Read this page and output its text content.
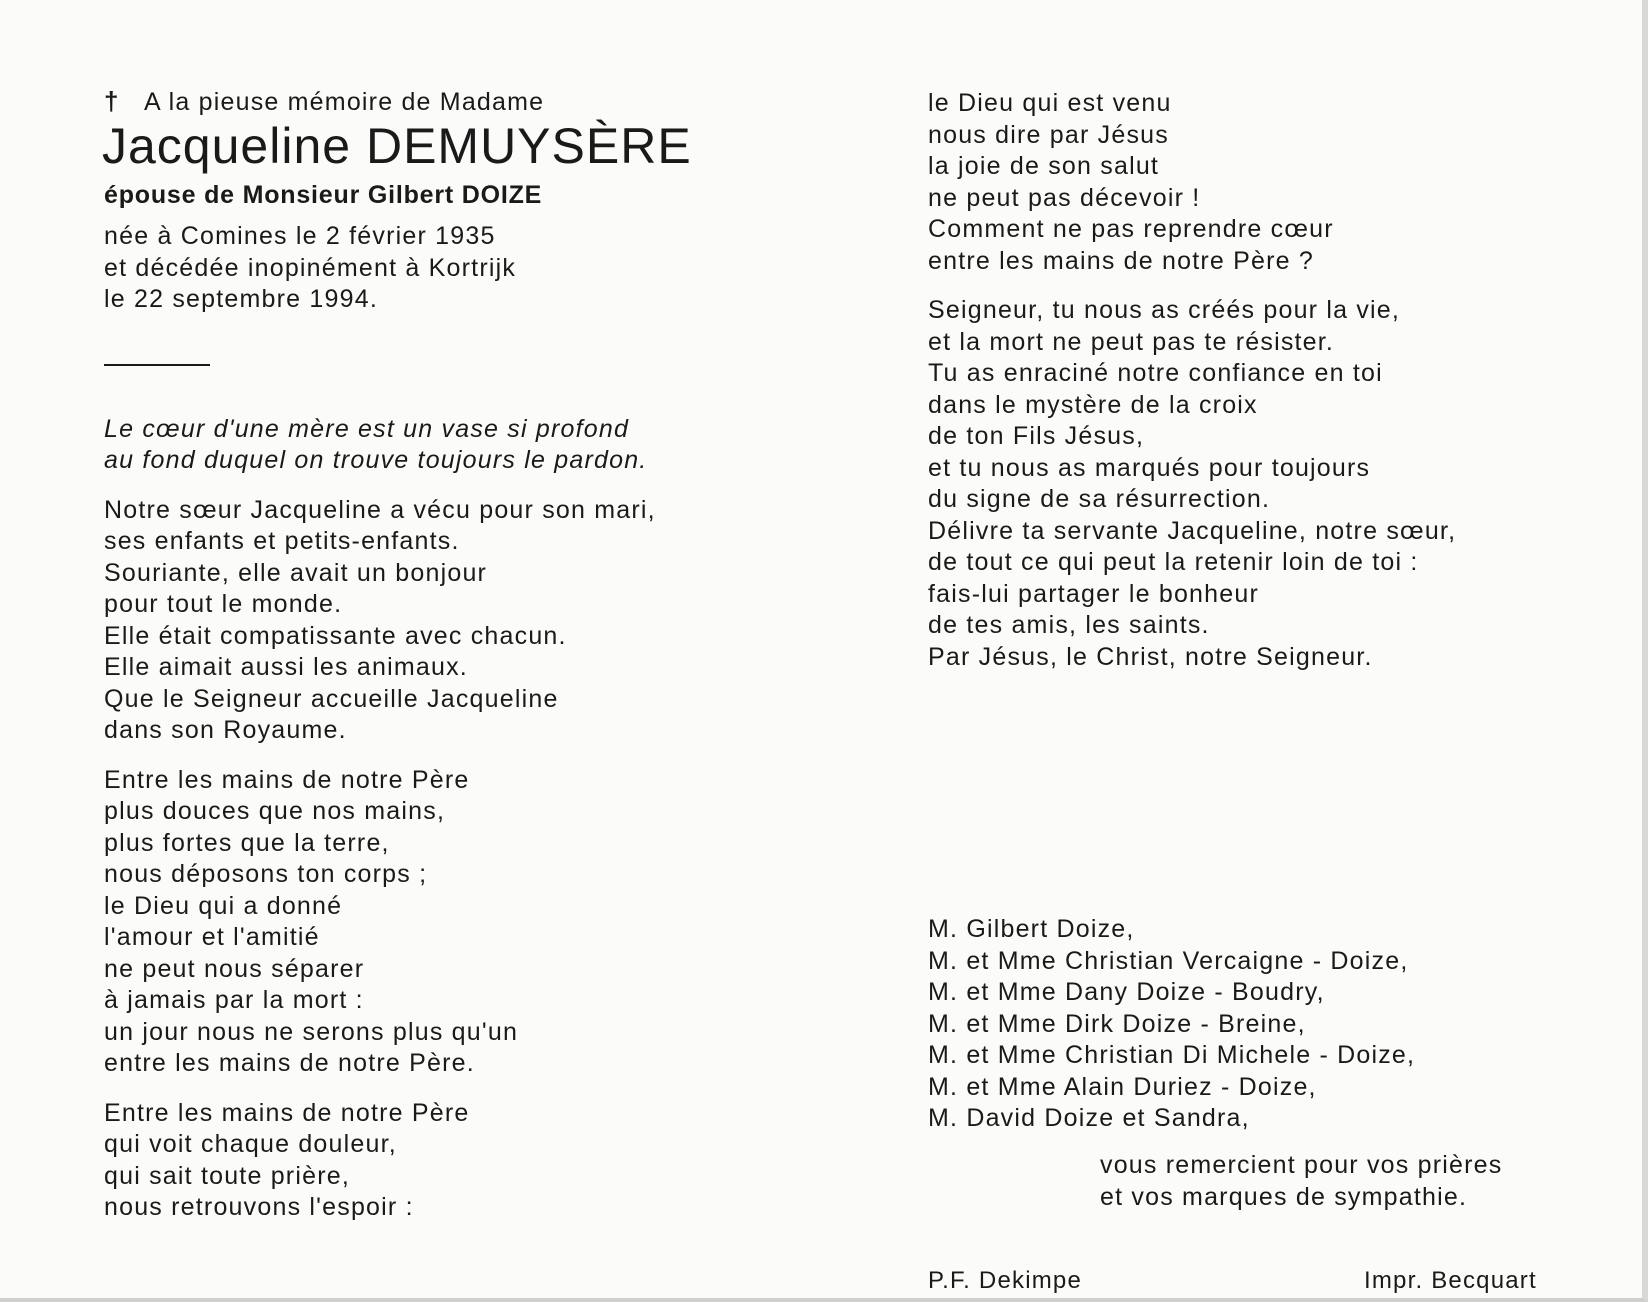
† A la pieuse mémoire de Madame
Jacqueline DEMUYSÈRE
épouse de Monsieur Gilbert DOIZE
née à Comines le 2 février 1935
et décédée inopinément à Kortrijk
le 22 septembre 1994.
Le cœur d'une mère est un vase si profond
au fond duquel on trouve toujours le pardon.
Notre sœur Jacqueline a vécu pour son mari,
ses enfants et petits-enfants.
Souriante, elle avait un bonjour
pour tout le monde.
Elle était compatissante avec chacun.
Elle aimait aussi les animaux.
Que le Seigneur accueille Jacqueline
dans son Royaume.
Entre les mains de notre Père
plus douces que nos mains,
plus fortes que la terre,
nous déposons ton corps ;
le Dieu qui a donné
l'amour et l'amitié
ne peut nous séparer
à jamais par la mort :
un jour nous ne serons plus qu'un
entre les mains de notre Père.
Entre les mains de notre Père
qui voit chaque douleur,
qui sait toute prière,
nous retrouvons l'espoir :
le Dieu qui est venu
nous dire par Jésus
la joie de son salut
ne peut pas décevoir !
Comment ne pas reprendre cœur
entre les mains de notre Père ?
Seigneur, tu nous as créés pour la vie,
et la mort ne peut pas te résister.
Tu as enraciné notre confiance en toi
dans le mystère de la croix
de ton Fils Jésus,
et tu nous as marqués pour toujours
du signe de sa résurrection.
Délivre ta servante Jacqueline, notre sœur,
de tout ce qui peut la retenir loin de toi :
fais-lui partager le bonheur
de tes amis, les saints.
Par Jésus, le Christ, notre Seigneur.
M. Gilbert Doize,
M. et Mme Christian Vercaigne - Doize,
M. et Mme Dany Doize - Boudry,
M. et Mme Dirk Doize - Breine,
M. et Mme Christian Di Michele - Doize,
M. et Mme Alain Duriez - Doize,
M. David Doize et Sandra,
vous remercient pour vos prières
et vos marques de sympathie.
P.F. Dekimpe	Impr. Becquart
